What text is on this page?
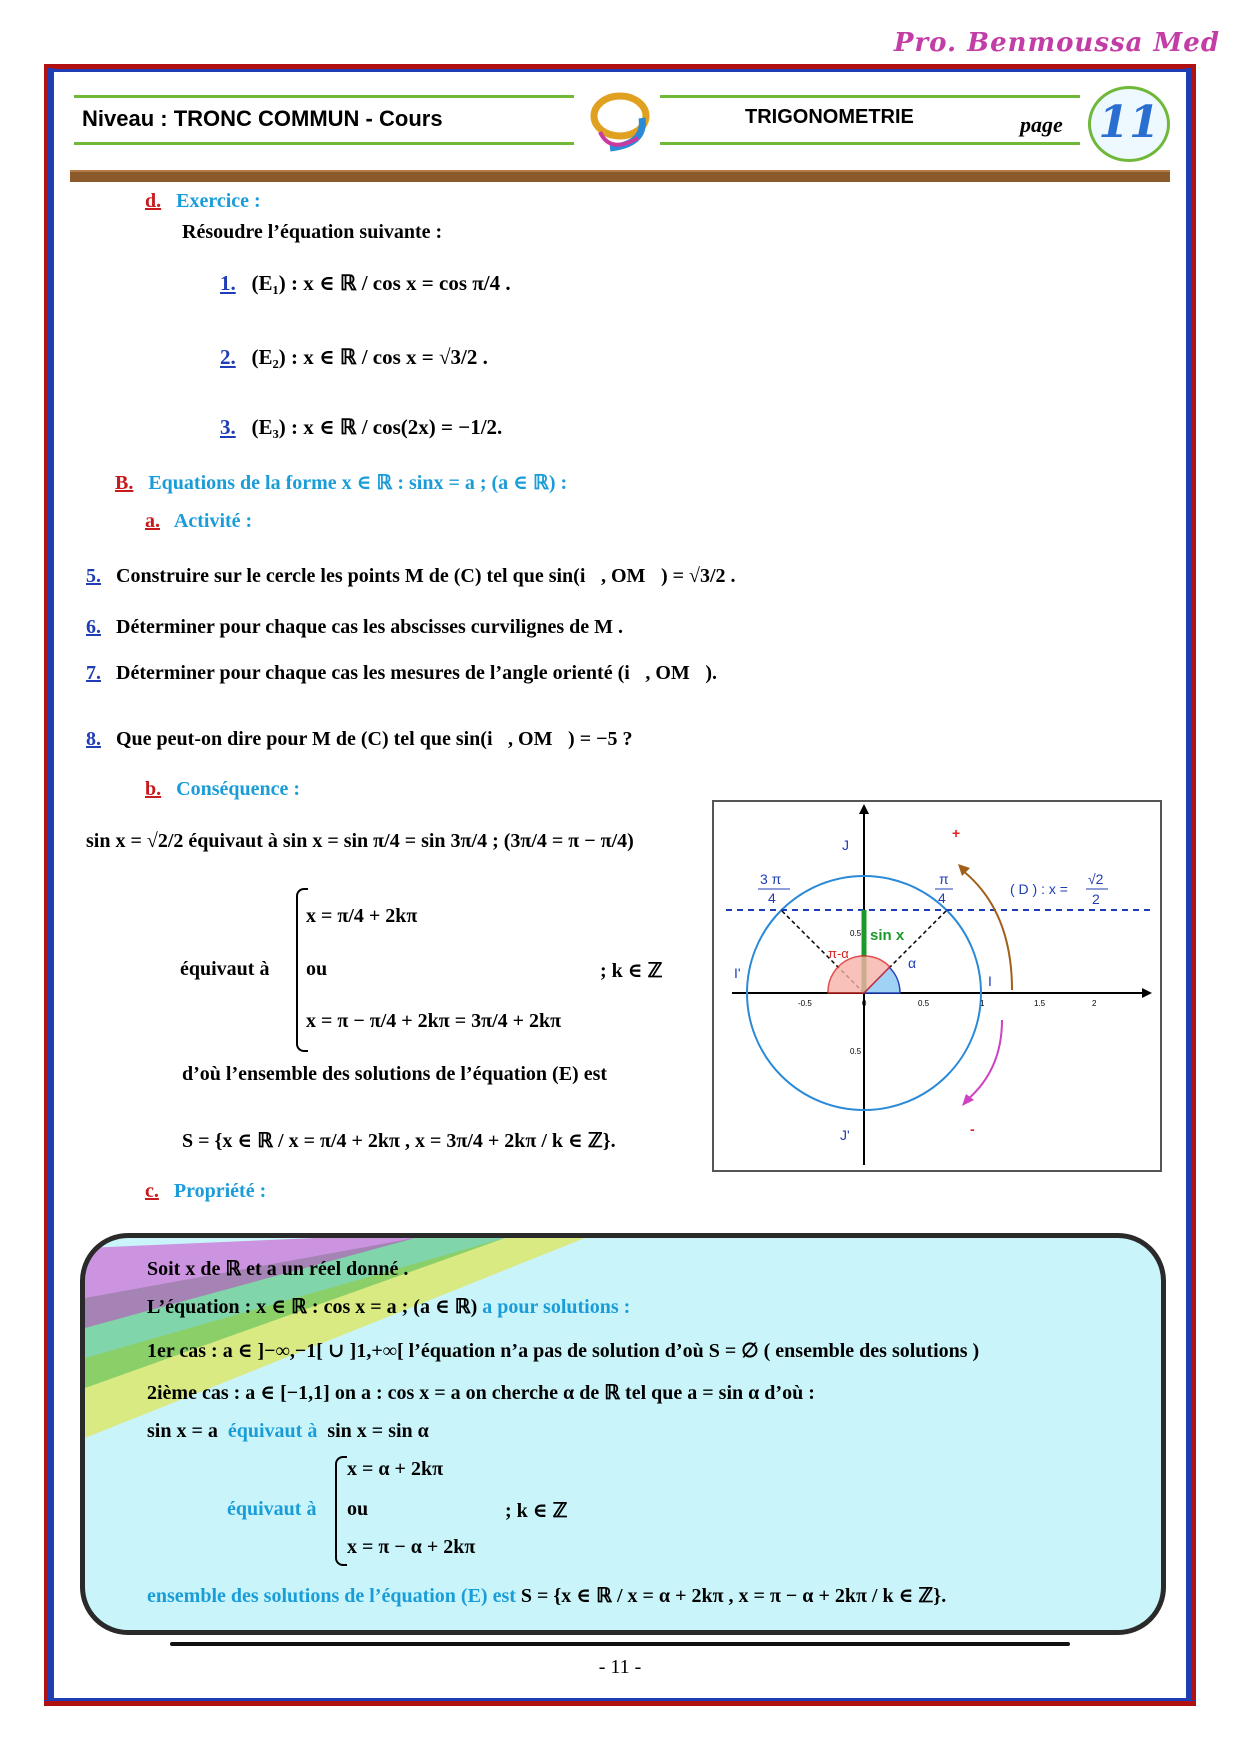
Pro. Benmoussa Med
Niveau : TRONC COMMUN - Cours	TRIGONOMETRIE	page 11
d. Exercice :
Résoudre l’équation suivante :
1. (E₁) : x ∈ ℝ / cos x = cos π/4 .
2. (E₂) : x ∈ ℝ / cos x = √3/2 .
3. (E₃) : x ∈ ℝ / cos(2x) = −1/2.
B. Equations de la forme x ∈ ℝ : sinx = a ; (a ∈ ℝ) :
a. Activité :
5. Construire sur le cercle les points M de (C) tel que sin(i⃗, OM⃗) = √3/2 .
6. Déterminer pour chaque cas les abscisses curvilignes de M .
7. Déterminer pour chaque cas les mesures de l’angle orienté (i⃗, OM⃗).
8. Que peut-on dire pour M de (C) tel que sin(i⃗, OM⃗) = −5 ?
b. Conséquence :
sin x = √2/2 équivaut à sin x = sin π/4 = sin 3π/4 ; (3π/4 = π − π/4)
équivaut à
x = π/4 + 2kπ
ou
x = π − π/4 + 2kπ = 3π/4 + 2kπ
; k ∈ ℤ
d’où l’ensemble des solutions de l’équation (E) est
S = {x ∈ ℝ / x = π/4 + 2kπ , x = 3π/4 + 2kπ / k ∈ ℤ}.
J
J'
I
I'
3 π
4
π
4
( D ) : x =
√2
2
sin x
π-α
α
+
-
-0.5	0	0.5	1	1.5	2
0.5
0.5
c. Propriété :
Soit x de ℝ et a un réel donné .
L’équation : x ∈ ℝ : cos x = a ; (a ∈ ℝ) a pour solutions :
1er cas : a ∈ ]−∞,−1[ ∪ ]1,+∞[ l’équation n’a pas de solution d’où S = ∅ ( ensemble des solutions )
2ième cas : a ∈ [−1,1] on a : cos x = a on cherche α de ℝ tel que a = sin α d’où :
sin x = a équivaut à sin x = sin α
équivaut à
x = α + 2kπ
ou
x = π − α + 2kπ
; k ∈ ℤ
ensemble des solutions de l’équation (E) est S = {x ∈ ℝ / x = α + 2kπ , x = π − α + 2kπ / k ∈ ℤ}.
- 11 -
